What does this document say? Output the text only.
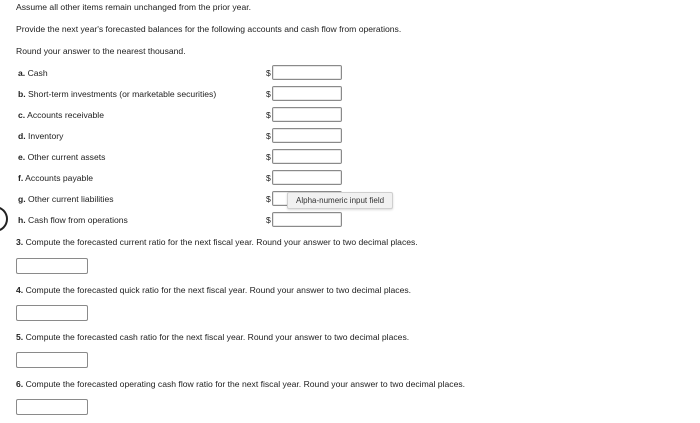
Assume all other items remain unchanged from the prior year.
Provide the next year's forecasted balances for the following accounts and cash flow from operations.
Round your answer to the nearest thousand.
a. Cash	$
b. Short-term investments (or marketable securities)	$
c. Accounts receivable	$
d. Inventory	$
e. Other current assets	$
f. Accounts payable	$
g. Other current liabilities	$
h. Cash flow from operations	$
Alpha-numeric input field
3. Compute the forecasted current ratio for the next fiscal year. Round your answer to two decimal places.
4. Compute the forecasted quick ratio for the next fiscal year. Round your answer to two decimal places.
5. Compute the forecasted cash ratio for the next fiscal year. Round your answer to two decimal places.
6. Compute the forecasted operating cash flow ratio for the next fiscal year. Round your answer to two decimal places.
